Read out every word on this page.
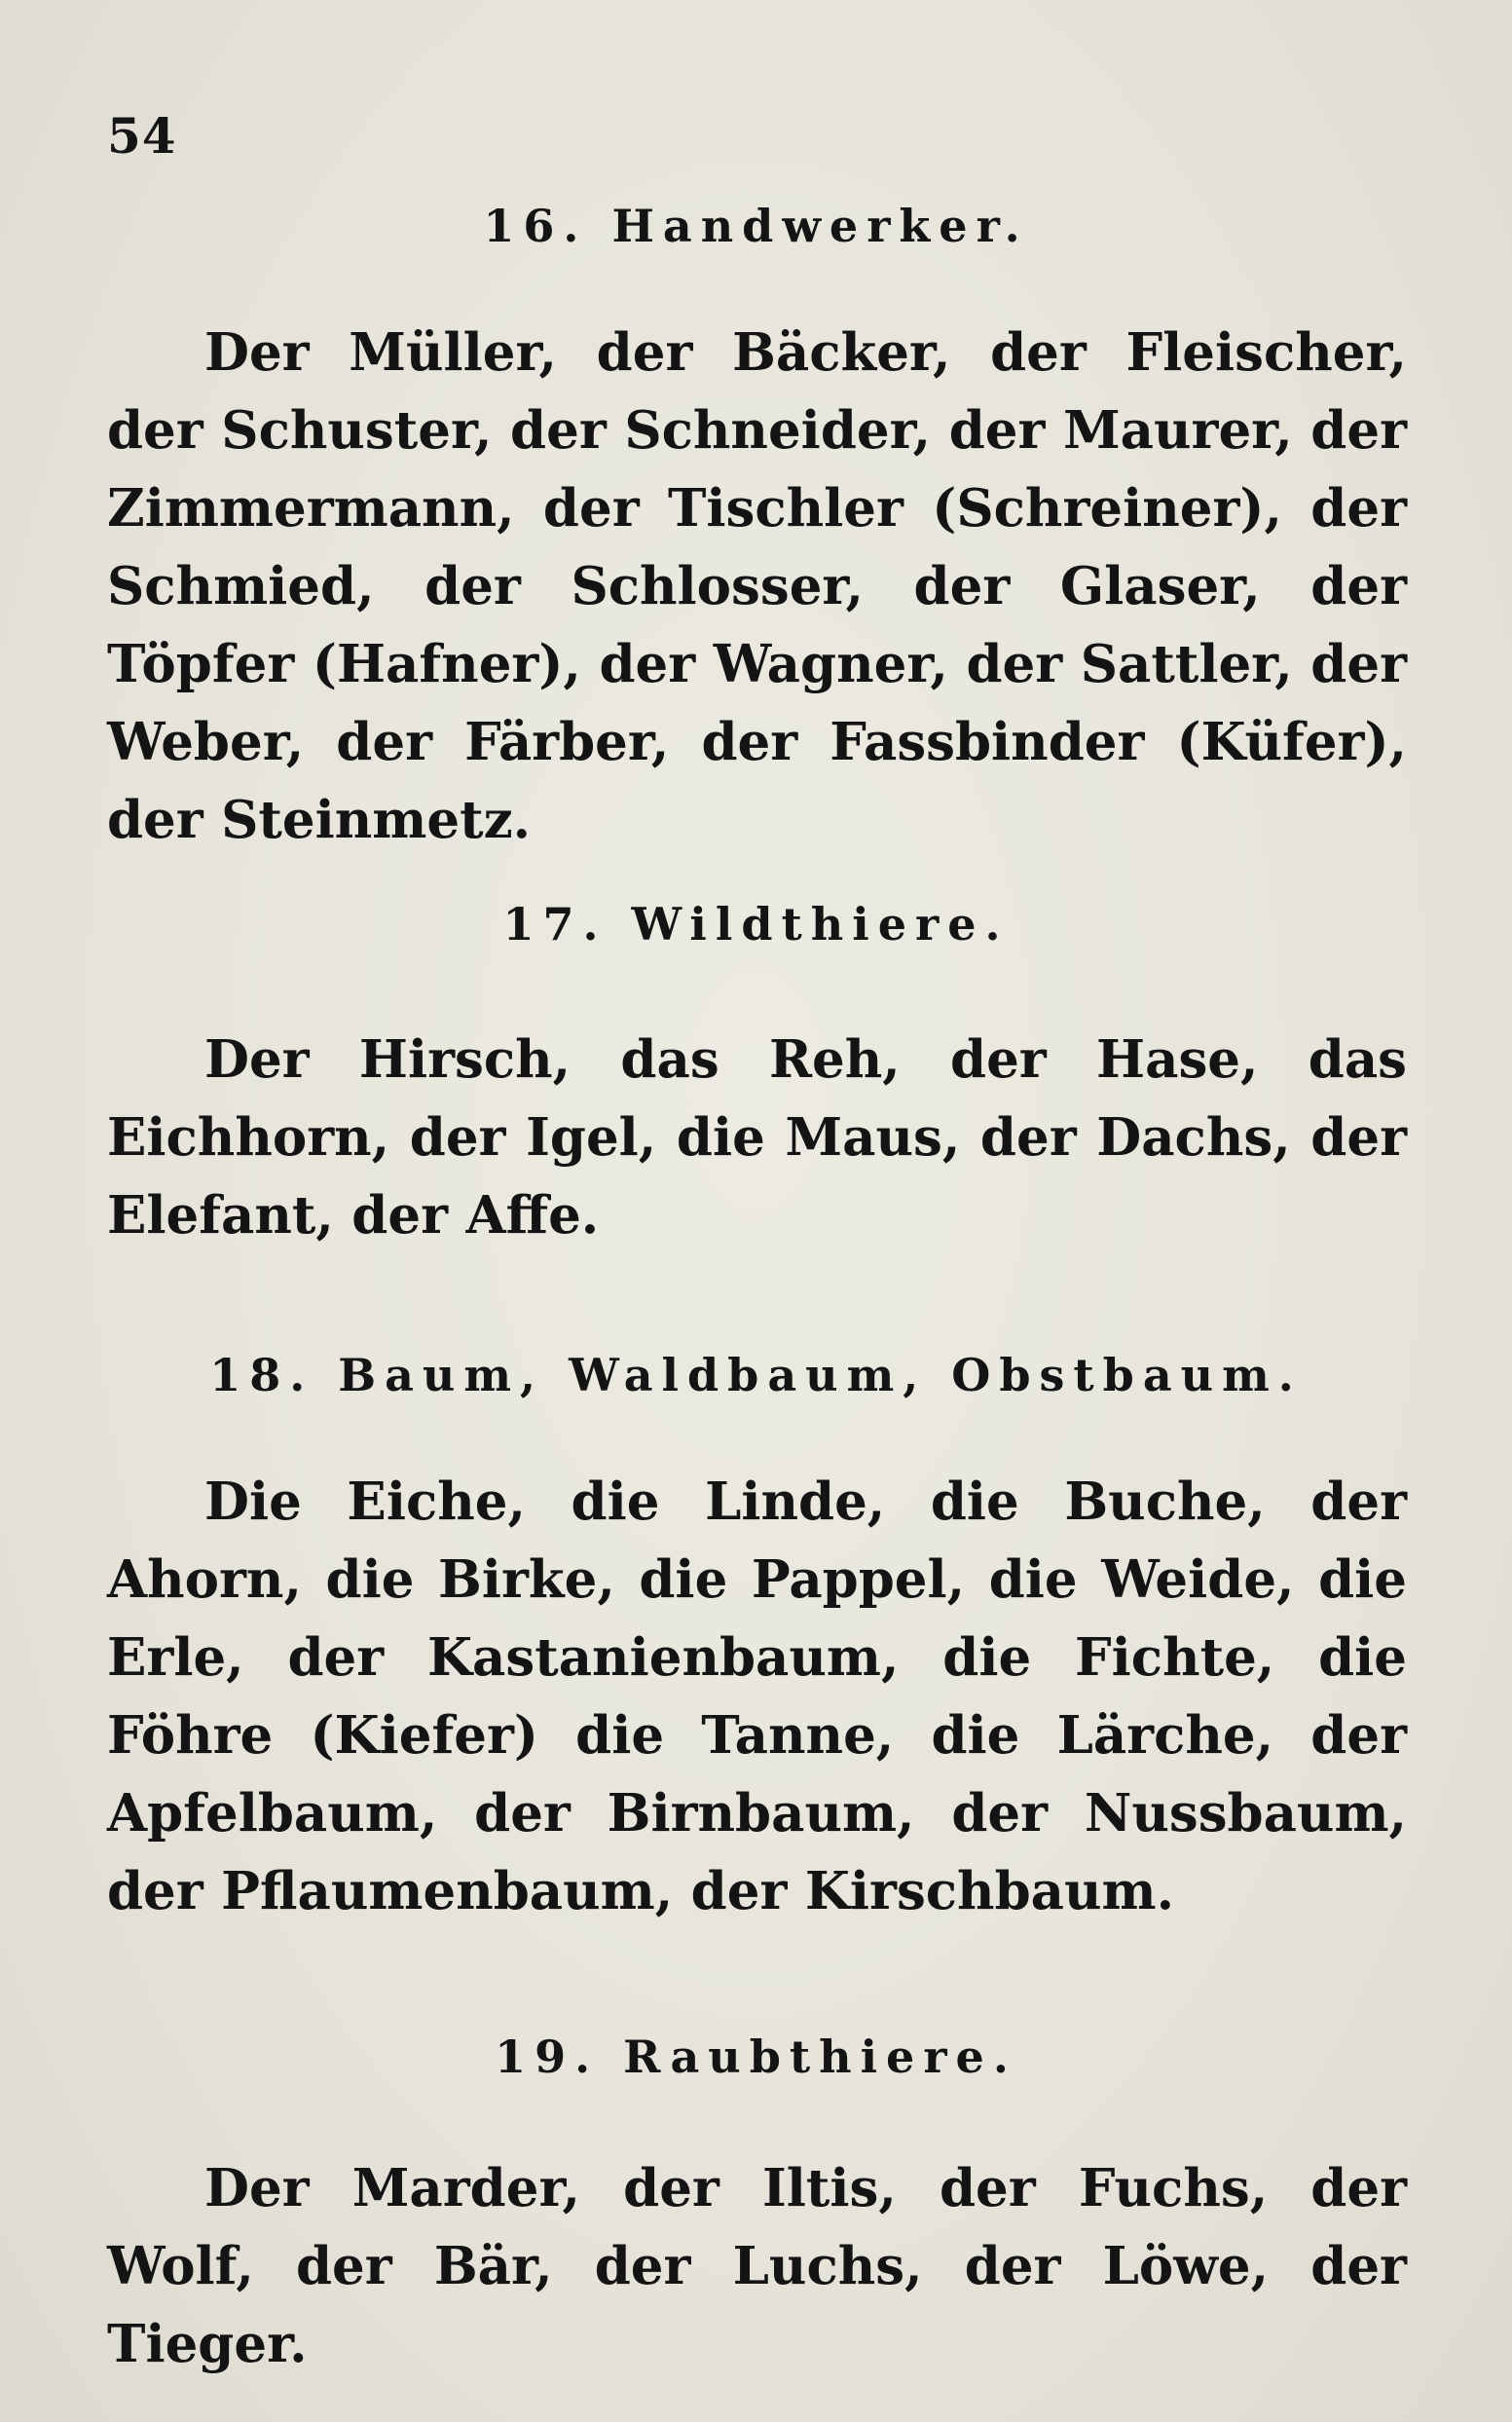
54
16. Handwerker.
Der Müller, der Bäcker, der Fleischer, der Schuster, der Schneider, der Maurer, der Zimmermann, der Tischler (Schreiner), der Schmied, der Schlosser, der Glaser, der Töpfer (Hafner), der Wagner, der Sattler, der Weber, der Färber, der Fassbinder (Küfer), der Steinmetz.
17. Wildthiere.
Der Hirsch, das Reh, der Hase, das Eichhorn, der Igel, die Maus, der Dachs, der Elefant, der Affe.
18. Baum, Waldbaum, Obstbaum.
Die Eiche, die Linde, die Buche, der Ahorn, die Birke, die Pappel, die Weide, die Erle, der Kastanienbaum, die Fichte, die Föhre (Kiefer) die Tanne, die Lärche, der Apfelbaum, der Birnbaum, der Nussbaum, der Pflaumenbaum, der Kirschbaum.
19. Raubthiere.
Der Marder, der Iltis, der Fuchs, der Wolf, der Bär, der Luchs, der Löwe, der Tieger.
